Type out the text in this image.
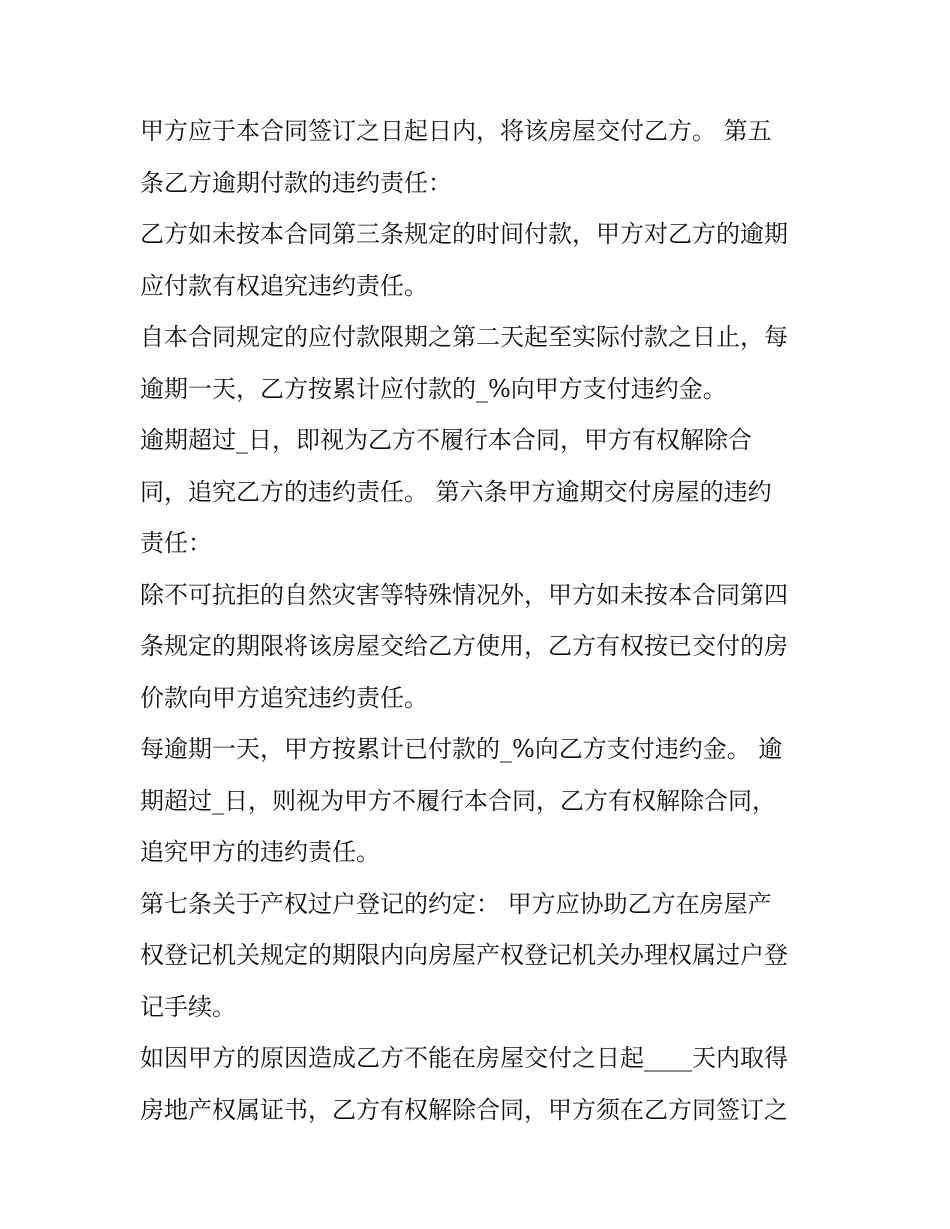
甲方应于本合同签订之日起日内，将该房屋交付乙方。 第五
条乙方逾期付款的违约责任：
乙方如未按本合同第三条规定的时间付款，甲方对乙方的逾期
应付款有权追究违约责任。
自本合同规定的应付款限期之第二天起至实际付款之日止，每
逾期一天，乙方按累计应付款的_%向甲方支付违约金。
逾期超过_日，即视为乙方不履行本合同，甲方有权解除合
同，追究乙方的违约责任。 第六条甲方逾期交付房屋的违约
责任：
除不可抗拒的自然灾害等特殊情况外，甲方如未按本合同第四
条规定的期限将该房屋交给乙方使用，乙方有权按已交付的房
价款向甲方追究违约责任。
每逾期一天，甲方按累计已付款的_%向乙方支付违约金。 逾
期超过_日，则视为甲方不履行本合同，乙方有权解除合同，
追究甲方的违约责任。
第七条关于产权过户登记的约定： 甲方应协助乙方在房屋产
权登记机关规定的期限内向房屋产权登记机关办理权属过户登
记手续。
如因甲方的原因造成乙方不能在房屋交付之日起____天内取得
房地产权属证书，乙方有权解除合同，甲方须在乙方同签订之
